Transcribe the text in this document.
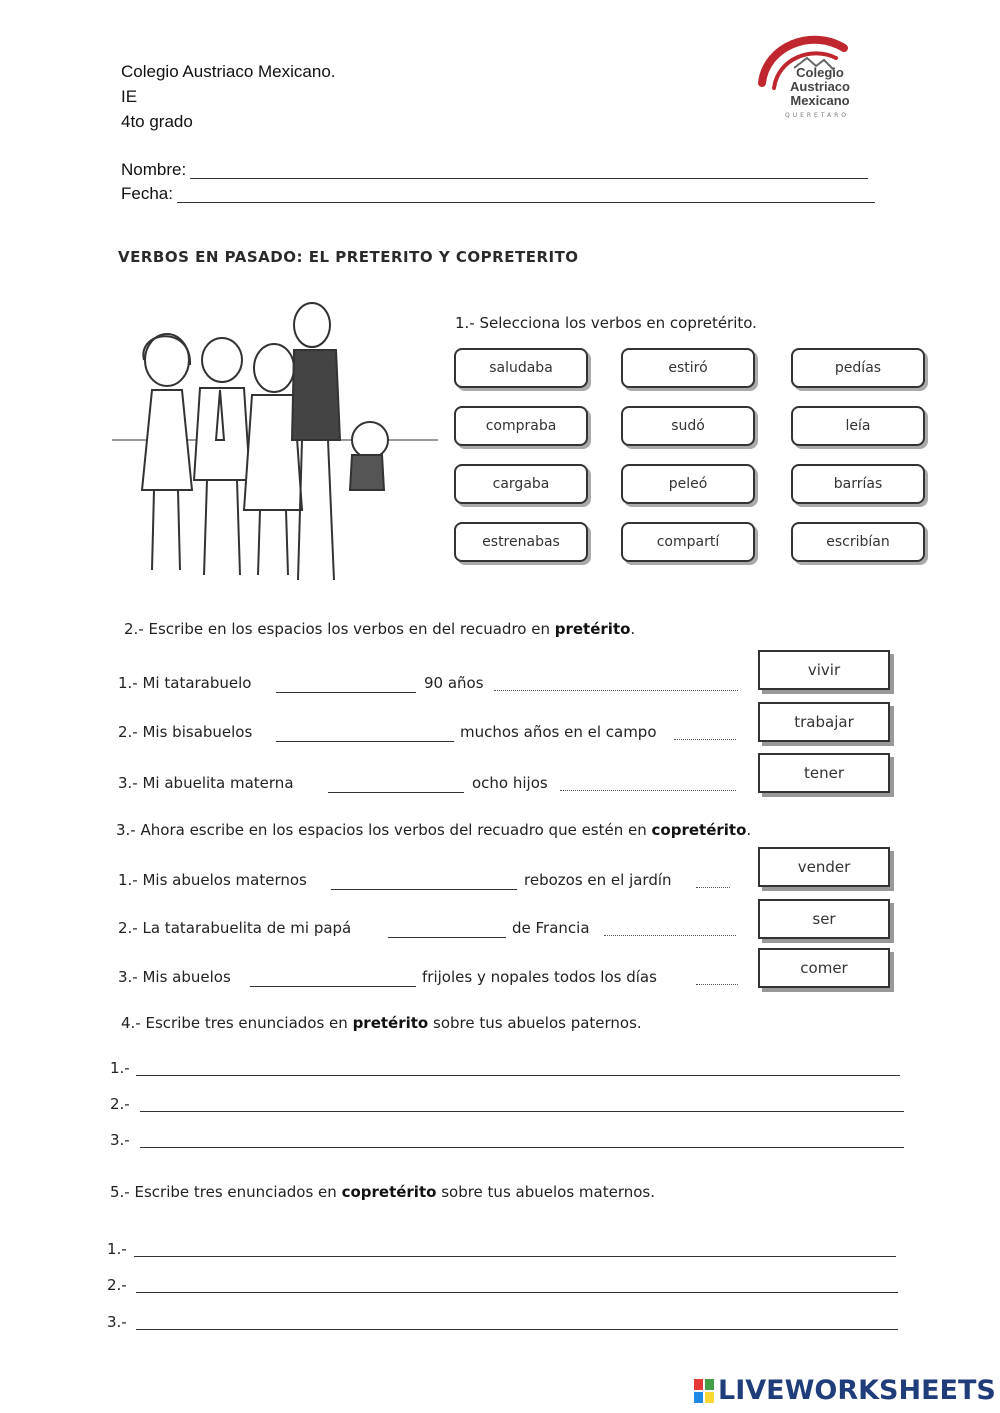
Colegio Austriaco Mexicano.
IE
4to grado
Nombre:
Fecha:
Colegio
Austriaco
Mexicano
QUERETARO
VERBOS EN PASADO: EL PRETERITO Y COPRETERITO
1.- Selecciona los verbos en copretérito.
saludaba	estiró	pedías
compraba	sudó	leía
cargaba	peleó	barrías
estrenabas	compartí	escribían
2.- Escribe en los espacios los verbos en del recuadro en pretérito.
1.- Mi tatarabuelo	90 años
vivir
2.- Mis bisabuelos	muchos años en el campo
trabajar
3.- Mi abuelita materna	ocho hijos
tener
3.- Ahora escribe en los espacios los verbos del recuadro que estén en copretérito.
1.- Mis abuelos maternos	rebozos en el jardín
vender
2.- La tatarabuelita de mi papá	de Francia	ser
3.- Mis abuelos	frijoles y nopales todos los días	comer
4.- Escribe tres enunciados en pretérito sobre tus abuelos paternos.
1.-
2.-
3.-
5.- Escribe tres enunciados en copretérito sobre tus abuelos maternos.
1.-
2.-
3.-
LIVEWORKSHEETS
